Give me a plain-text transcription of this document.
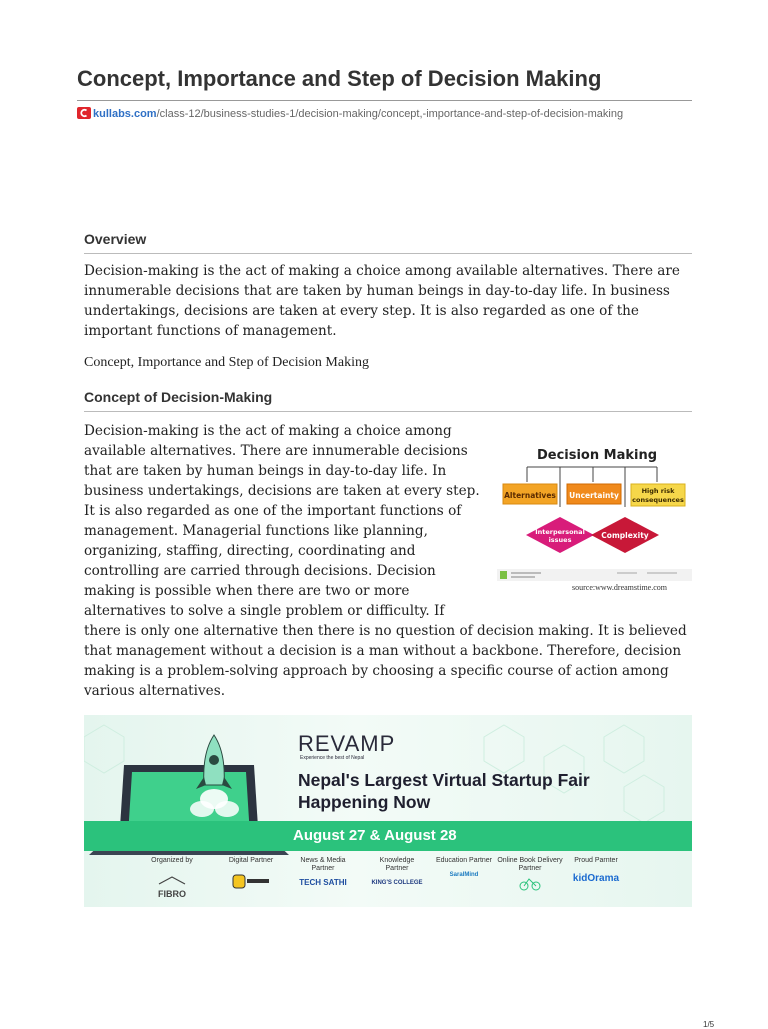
Concept, Importance and Step of Decision Making
kullabs.com/class-12/business-studies-1/decision-making/concept,-importance-and-step-of-decision-making
Overview

Decision-making is the act of making a choice among available alternatives. There are innumerable decisions that are taken by human beings in day-to-day life. In business undertakings, decisions are taken at every step. It is also regarded as one of the important functions of management.

Concept, Importance and Step of Decision Making
Concept of Decision-Making
Decision-making is the act of making a choice among
available alternatives. There are innumerable decisions
that are taken by human beings in day-to-day life. In
business undertakings, decisions are taken at every step.
It is also regarded as one of the important functions of
management. Managerial functions like planning,
organizing, staffing, directing, coordinating and
controlling are carried through decisions. Decision
making is possible when there are two or more
alternatives to solve a single problem or difficulty. If
there is only one alternative then there is no question of decision making. It is believed
that management without a decision is a man without a backbone. Therefore, decision
making is a problem-solving approach by choosing a specific course of action among
various alternatives.
Decision Making
Alternatives Uncertainty	High risk
consequences
Interpersonal
issues	Complexity
source:www.dreamstime.com
REVAMP
Experience the best of Nepal
Nepal's Largest Virtual Startup Fair
Happening Now
August 27 & August 28
Organized by
FIBRO
Digital Partner	News & Media Partner
TECH SATHI
Knowledge Partner
KING'S COLLEGE
Education Partner
SaralMind
Online Book Delivery Partner
Proud Parnter
kidOrama
1/5
